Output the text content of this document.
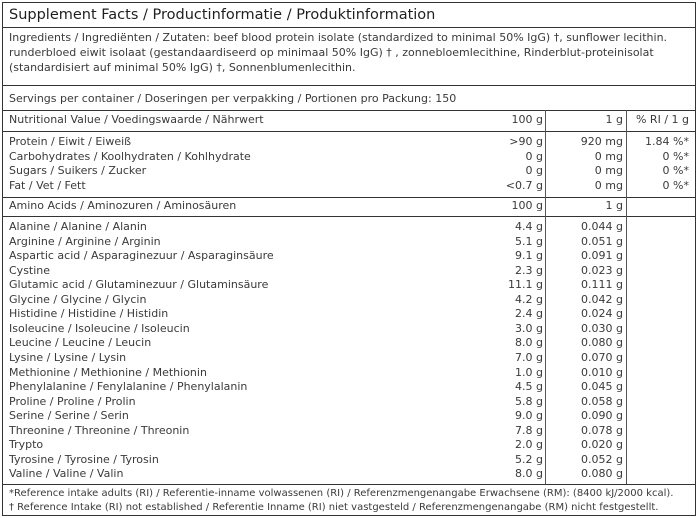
Supplement Facts / Productinformatie / Produktinformation
Ingredients / Ingrediënten / Zutaten: beef blood protein isolate (standardized to minimal 50% IgG) †, sunflower lecithin. runderbloed eiwit isolaat (gestandaardiseerd op minimaal 50% IgG) † , zonnebloemlecithine, Rinderblut-proteinisolat (standardisiert auf minimal 50% IgG) †, Sonnenblumenlecithin.
Servings per container / Doseringen per verpakking / Portionen pro Packung: 150
Nutritional Value / Voedingswaarde / Nährwert	100 g	1 g	% RI / 1 g
Protein / Eiwit / Eiweiß	>90 g	920 mg	1.84 %*
Carbohydrates / Koolhydraten / Kohlhydrate	0 g	0 mg	0 %*
Sugars / Suikers / Zucker	0 g	0 mg	0 %*
Fat / Vet / Fett	<0.7 g	0 mg	0 %*
Amino Acids / Aminozuren / Aminosäuren	100 g	1 g
Alanine / Alanine / Alanin	4.4 g	0.044 g
Arginine / Arginine / Arginin	5.1 g	0.051 g
Aspartic acid / Asparaginezuur / Asparaginsäure	9.1 g	0.091 g
Cystine	2.3 g	0.023 g
Glutamic acid / Glutaminezuur / Glutaminsäure	11.1 g	0.111 g
Glycine / Glycine / Glycin	4.2 g	0.042 g
Histidine / Histidine / Histidin	2.4 g	0.024 g
Isoleucine / Isoleucine / Isoleucin	3.0 g	0.030 g
Leucine / Leucine / Leucin	8.0 g	0.080 g
Lysine / Lysine / Lysin	7.0 g	0.070 g
Methionine / Methionine / Methionin	1.0 g	0.010 g
Phenylalanine / Fenylalanine / Phenylalanin	4.5 g	0.045 g
Proline / Proline / Prolin	5.8 g	0.058 g
Serine / Serine / Serin	9.0 g	0.090 g
Threonine / Threonine / Threonin	7.8 g	0.078 g
Trypto	2.0 g	0.020 g
Tyrosine / Tyrosine / Tyrosin	5.2 g	0.052 g
Valine / Valine / Valin	8.0 g	0.080 g
*Reference intake adults (RI) / Referentie-inname volwassenen (RI) / Referenzmengenangabe Erwachsene (RM): (8400 kJ/2000 kcal).
† Reference Intake (RI) not established / Referentie Inname (RI) niet vastgesteld / Referenzmengenangabe (RM) nicht festgestellt.
